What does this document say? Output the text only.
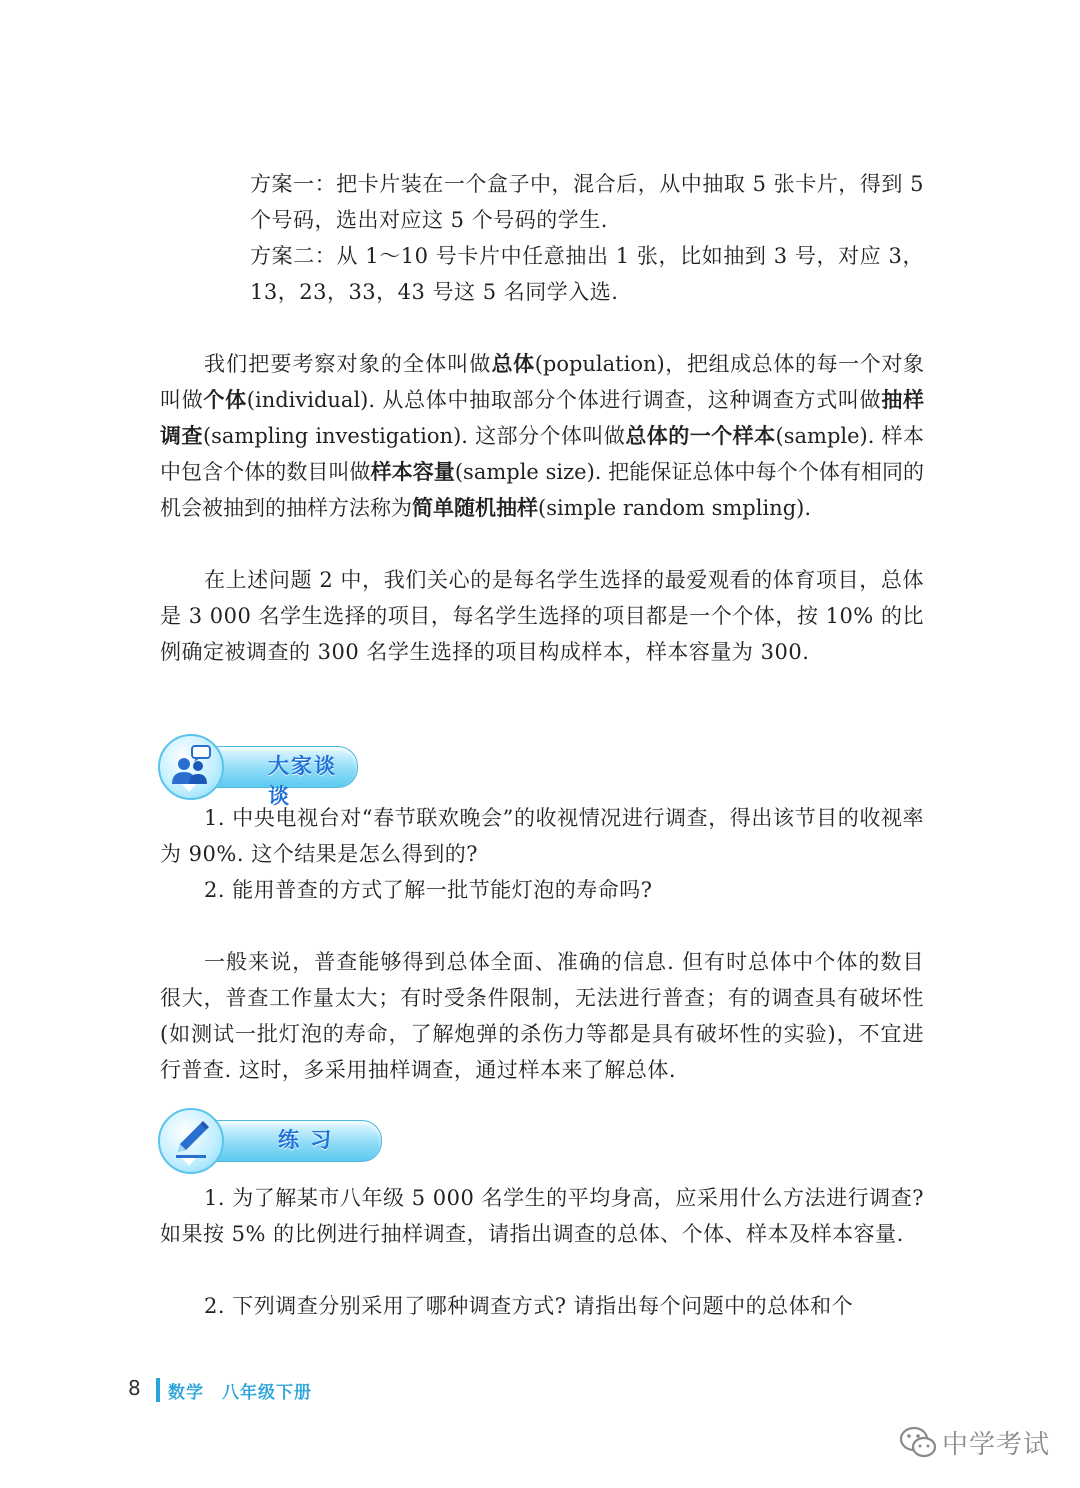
方案一：把卡片装在一个盒子中，混合后，从中抽取 5 张卡片，得到 5 个号码，选出对应这 5 个号码的学生.

方案二：从 1～10 号卡片中任意抽出 1 张，比如抽到 3 号，对应 3，13，23，33，43 号这 5 名同学入选.

我们把要考察对象的全体叫做总体(population)，把组成总体的每一个对象叫做个体(individual). 从总体中抽取部分个体进行调查，这种调查方式叫做抽样调查(sampling investigation). 这部分个体叫做总体的一个样本(sample). 样本中包含个体的数目叫做样本容量(sample size). 把能保证总体中每个个体有相同的机会被抽到的抽样方法称为简单随机抽样(simple random smpling).

在上述问题 2 中，我们关心的是每名学生选择的最爱观看的体育项目，总体是 3 000 名学生选择的项目，每名学生选择的项目都是一个个体，按 10% 的比例确定被调查的 300 名学生选择的项目构成样本，样本容量为 300.

大家谈谈

1. 中央电视台对“春节联欢晚会”的收视情况进行调查，得出该节目的收视率为 90%. 这个结果是怎么得到的?

2. 能用普查的方式了解一批节能灯泡的寿命吗?

一般来说，普查能够得到总体全面、准确的信息. 但有时总体中个体的数目很大，普查工作量太大；有时受条件限制，无法进行普查；有的调查具有破坏性(如测试一批灯泡的寿命，了解炮弹的杀伤力等都是具有破坏性的实验)，不宜进行普查. 这时，多采用抽样调查，通过样本来了解总体.

练 习

1. 为了解某市八年级 5 000 名学生的平均身高，应采用什么方法进行调查? 如果按 5% 的比例进行抽样调查，请指出调查的总体、个体、样本及样本容量.

2. 下列调查分别采用了哪种调查方式? 请指出每个问题中的总体和个

8 数学　八年级下册
中学考试
